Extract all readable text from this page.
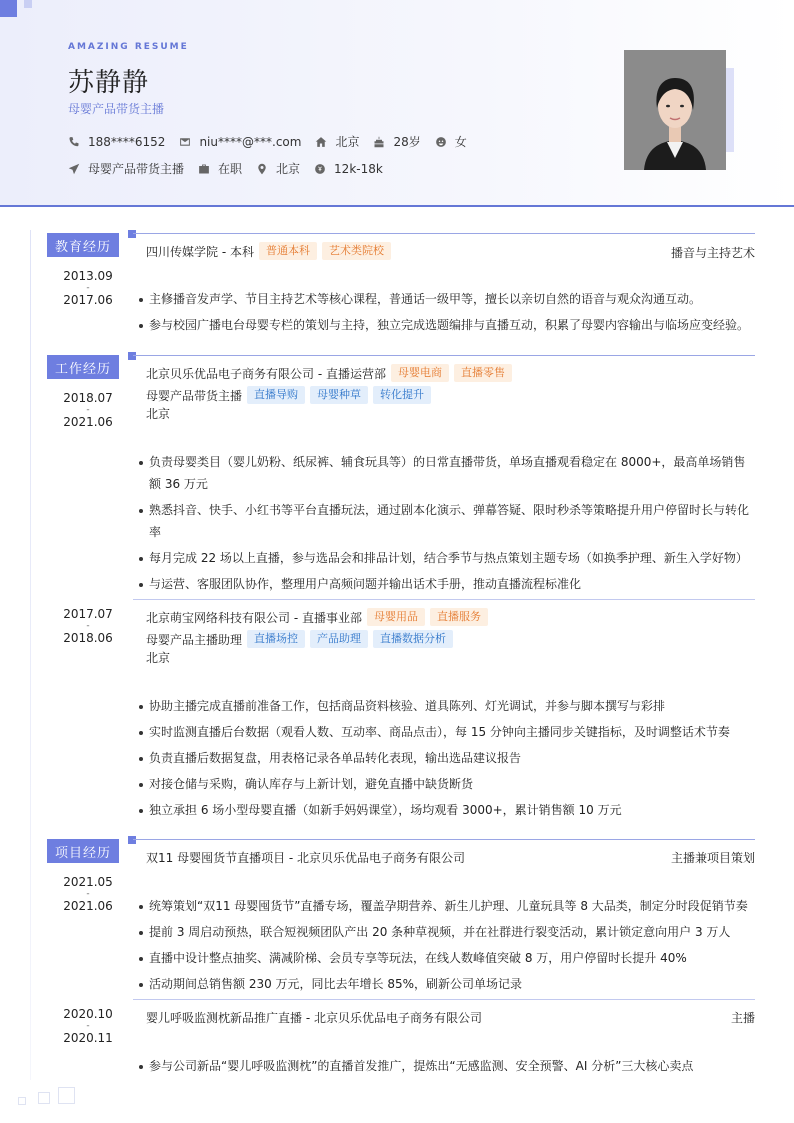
AMAZING RESUME
苏静静
母婴产品带货主播
188****6152	niu****@***.com	北京	28岁	女
母婴产品带货主播	在职	北京	12k-18k
教育经历
2013.09
-
2017.06
四川传媒学院 - 本科	普通本科	艺术类院校	播音与主持艺术
主修播音发声学、节目主持艺术等核心课程，普通话一级甲等，擅长以亲切自然的语音与观众沟通互动。
参与校园广播电台母婴专栏的策划与主持，独立完成选题编排与直播互动，积累了母婴内容输出与临场应变经验。
工作经历
2018.07
-
2021.06
北京贝乐优品电子商务有限公司 - 直播运营部	母婴电商	直播零售
母婴产品带货主播	直播导购	母婴种草	转化提升
北京
负责母婴类目（婴儿奶粉、纸尿裤、辅食玩具等）的日常直播带货，单场直播观看稳定在 8000+，最高单场销售额 36 万元
熟悉抖音、快手、小红书等平台直播玩法，通过剧本化演示、弹幕答疑、限时秒杀等策略提升用户停留时长与转化率
每月完成 22 场以上直播，参与选品会和排品计划，结合季节与热点策划主题专场（如换季护理、新生入学好物）
与运营、客服团队协作，整理用户高频问题并输出话术手册，推动直播流程标准化
2017.07
-
2018.06
北京萌宝网络科技有限公司 - 直播事业部	母婴用品	直播服务
母婴产品主播助理	直播场控	产品助理	直播数据分析
北京
协助主播完成直播前准备工作，包括商品资料核验、道具陈列、灯光调试，并参与脚本撰写与彩排
实时监测直播后台数据（观看人数、互动率、商品点击），每 15 分钟向主播同步关键指标，及时调整话术节奏
负责直播后数据复盘，用表格记录各单品转化表现，输出选品建议报告
对接仓储与采购，确认库存与上新计划，避免直播中缺货断货
独立承担 6 场小型母婴直播（如新手妈妈课堂），场均观看 3000+，累计销售额 10 万元
项目经历
2021.05
-
2021.06
双11 母婴囤货节直播项目 - 北京贝乐优品电子商务有限公司	主播兼项目策划
统筹策划“双11 母婴囤货节”直播专场，覆盖孕期营养、新生儿护理、儿童玩具等 8 大品类，制定分时段促销节奏
提前 3 周启动预热，联合短视频团队产出 20 条种草视频，并在社群进行裂变活动，累计锁定意向用户 3 万人
直播中设计整点抽奖、满减阶梯、会员专享等玩法，在线人数峰值突破 8 万，用户停留时长提升 40%
活动期间总销售额 230 万元，同比去年增长 85%，刷新公司单场记录
2020.10
-
2020.11
婴儿呼吸监测枕新品推广直播 - 北京贝乐优品电子商务有限公司	主播
参与公司新品“婴儿呼吸监测枕”的直播首发推广，提炼出“无感监测、安全预警、AI 分析”三大核心卖点
